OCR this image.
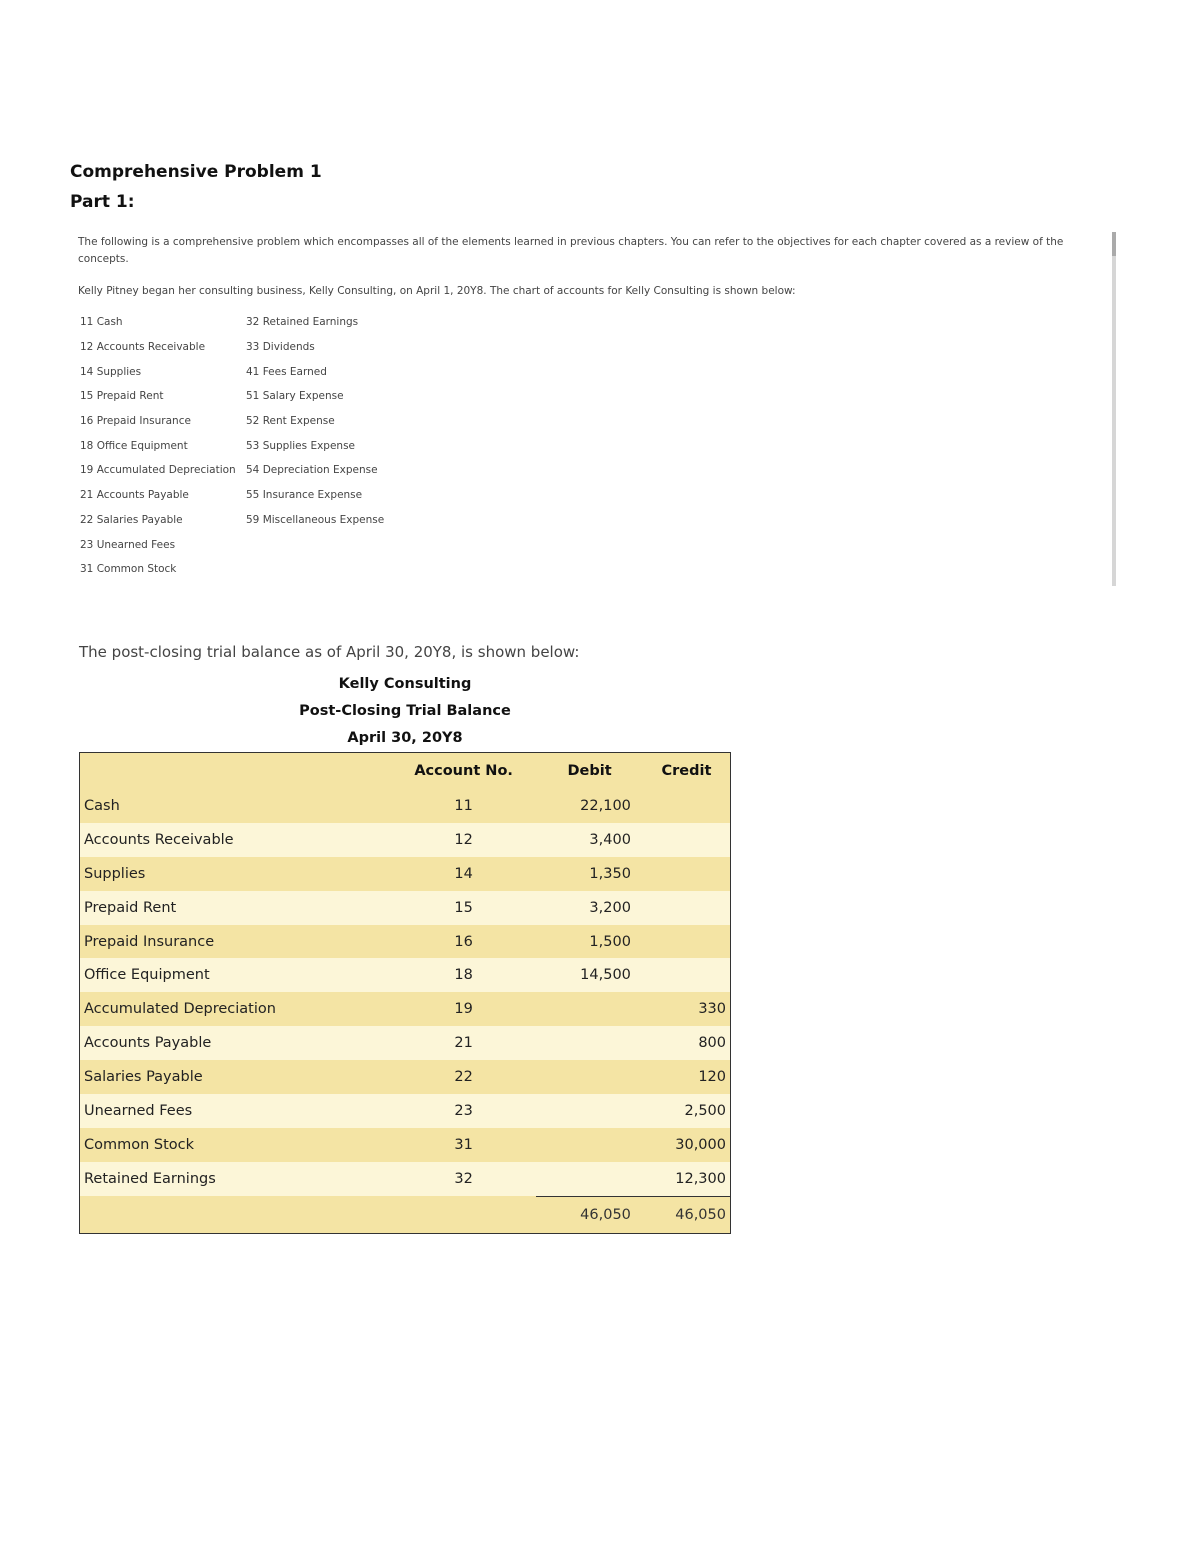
Comprehensive Problem 1
Part 1:

The following is a comprehensive problem which encompasses all of the elements learned in previous chapters. You can refer to the objectives for each chapter covered as a review of the concepts.

Kelly Pitney began her consulting business, Kelly Consulting, on April 1, 20Y8. The chart of accounts for Kelly Consulting is shown below:

11 Cash	32 Retained Earnings
12 Accounts Receivable	33 Dividends
14 Supplies	41 Fees Earned
15 Prepaid Rent	51 Salary Expense
16 Prepaid Insurance	52 Rent Expense
18 Office Equipment	53 Supplies Expense
19 Accumulated Depreciation	54 Depreciation Expense
21 Accounts Payable	55 Insurance Expense
22 Salaries Payable	59 Miscellaneous Expense
23 Unearned Fees	
31 Common Stock	

The post-closing trial balance as of April 30, 20Y8, is shown below:

Kelly Consulting

Post-Closing Trial Balance

April 30, 20Y8

	Account No.	Debit	Credit
Cash	11	22,100	
Accounts Receivable	12	3,400	
Supplies	14	1,350	
Prepaid Rent	15	3,200	
Prepaid Insurance	16	1,500	
Office Equipment	18	14,500	
Accumulated Depreciation	19		330
Accounts Payable	21		800
Salaries Payable	22		120
Unearned Fees	23		2,500
Common Stock	31		30,000
Retained Earnings	32		12,300
		46,050	46,050
